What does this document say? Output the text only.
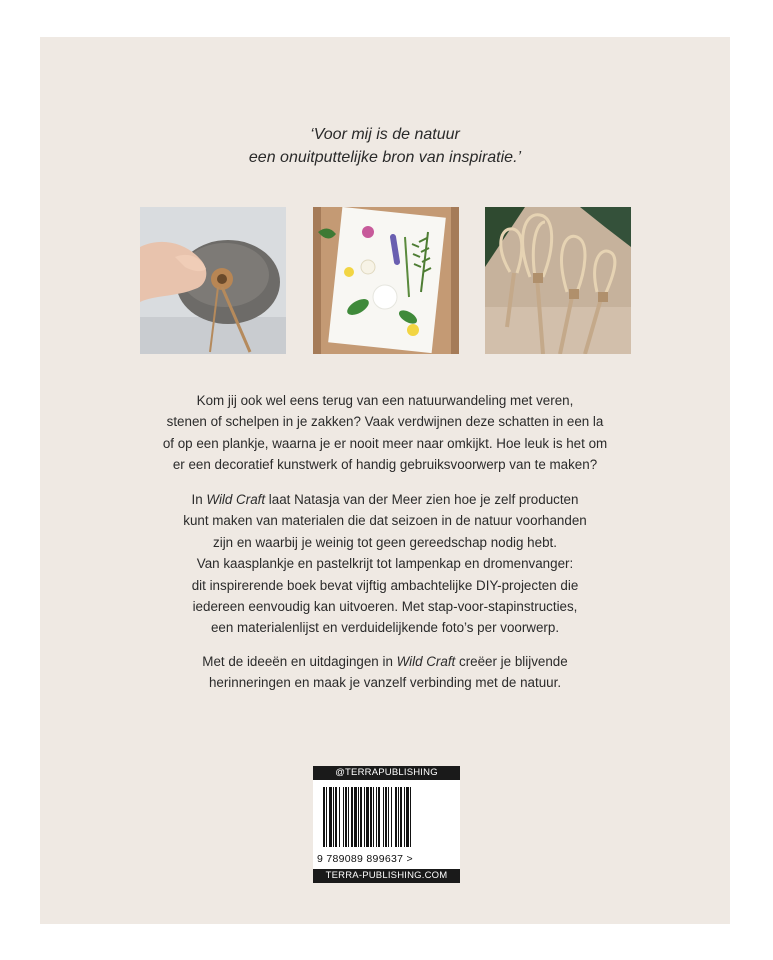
‘Voor mij is de natuur
een onuitputtelijke bron van inspiratie.’
Kom jij ook wel eens terug van een natuurwandeling met veren,
stenen of schelpen in je zakken? Vaak verdwijnen deze schatten in een la
of op een plankje, waarna je er nooit meer naar omkijkt. Hoe leuk is het om
er een decoratief kunstwerk of handig gebruiksvoorwerp van te maken?
In Wild Craft laat Natasja van der Meer zien hoe je zelf producten
kunt maken van materialen die dat seizoen in de natuur voorhanden
zijn en waarbij je weinig tot geen gereedschap nodig hebt.
Van kaasplankje en pastelkrijt tot lampenkap en dromenvanger:
dit inspirerende boek bevat vijftig ambachtelijke DIY-projecten die
iedereen eenvoudig kan uitvoeren. Met stap-voor-stapinstructies,
een materialenlijst en verduidelijkende foto’s per voorwerp.
Met de ideeën en uitdagingen in Wild Craft creëer je blijvende
herinneringen en maak je vanzelf verbinding met de natuur.
@TERRAPUBLISHING
9 789089 899637 >
TERRA-PUBLISHING.COM
